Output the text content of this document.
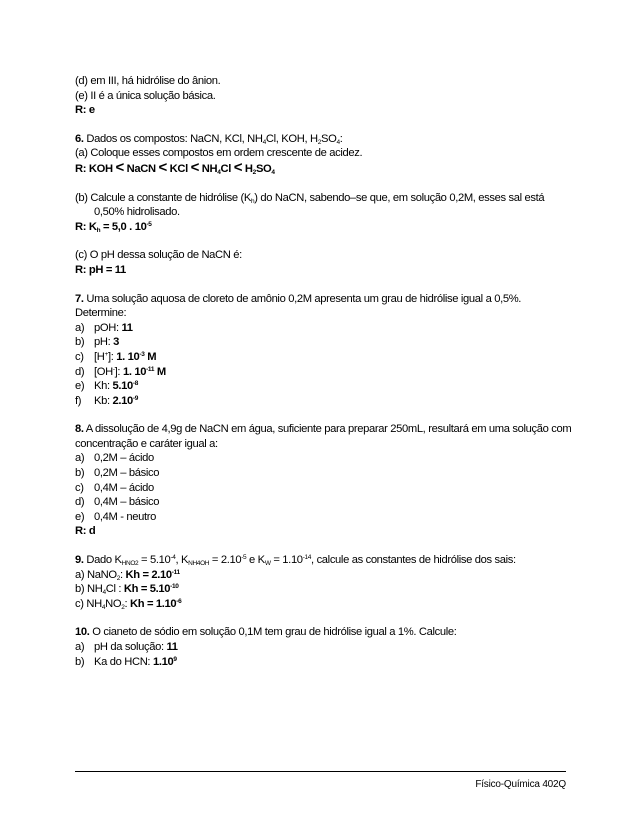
(d) em III, há hidrólise do ânion.

(e) II é a única solução básica.

R: e

6. Dados os compostos: NaCN, KCl, $NH_4Cl$, KOH, $H_2SO_4$:

(a) Coloque esses compostos em ordem crescente de acidez.

R: KOH < NaCN < KCl < $NH_4Cl < H_2SO_4$

(b) Calcule a constante de hidrólise $(K_h)$ do NaCN, sabendo–se que, em solução 0,2M, esses sal está 0,50% hidrolisado.

R: $K_h = 5,0$ . $10^{-5}$

(c) O pH dessa solução de NaCN é:

R: pH = 11

7. Uma solução aquosa de cloreto de amônio 0,2M apresenta um grau de hidrólise igual a 0,5%.

Determine:

a) pOH: 11

b) pH: 3

c) [H+]: 1. $10^{-3}$ M

d) [OH-]: 1. $10^{-11}$ M

e) Kh: $5.10^{-8}$

f) Kb: $2.10^{-9}$

8. A dissolução de 4,9g de NaCN em água, suficiente para preparar 250mL, resultará em uma solução com concentração e caráter igual a:

a) 0,2M – ácido

b) 0,2M – básico

c) 0,4M – ácido

d) 0,4M – básico

e) 0,4M - neutro

R: d

9. Dado $K_{HNO2} = 5.10^{-4}$, $K_{NH4OH} = 2.10^{-5}$ e $K_W = 1.10^{-14}$, calcule as constantes de hidrólise dos sais:

a) NaNO$_2$: $Kh = 2.10^{-11}$

b) $NH_4Cl$ : $Kh = 5.10^{-10}$

c) $NH_4NO_2$: $Kh = 1.10^{-6}$

10. O cianeto de sódio em solução 0,1M tem grau de hidrólise igual a 1%. Calcule:

a) pH da solução: 11

b) Ka do HCN: 1.10$^9$

Físico-Química 402Q
